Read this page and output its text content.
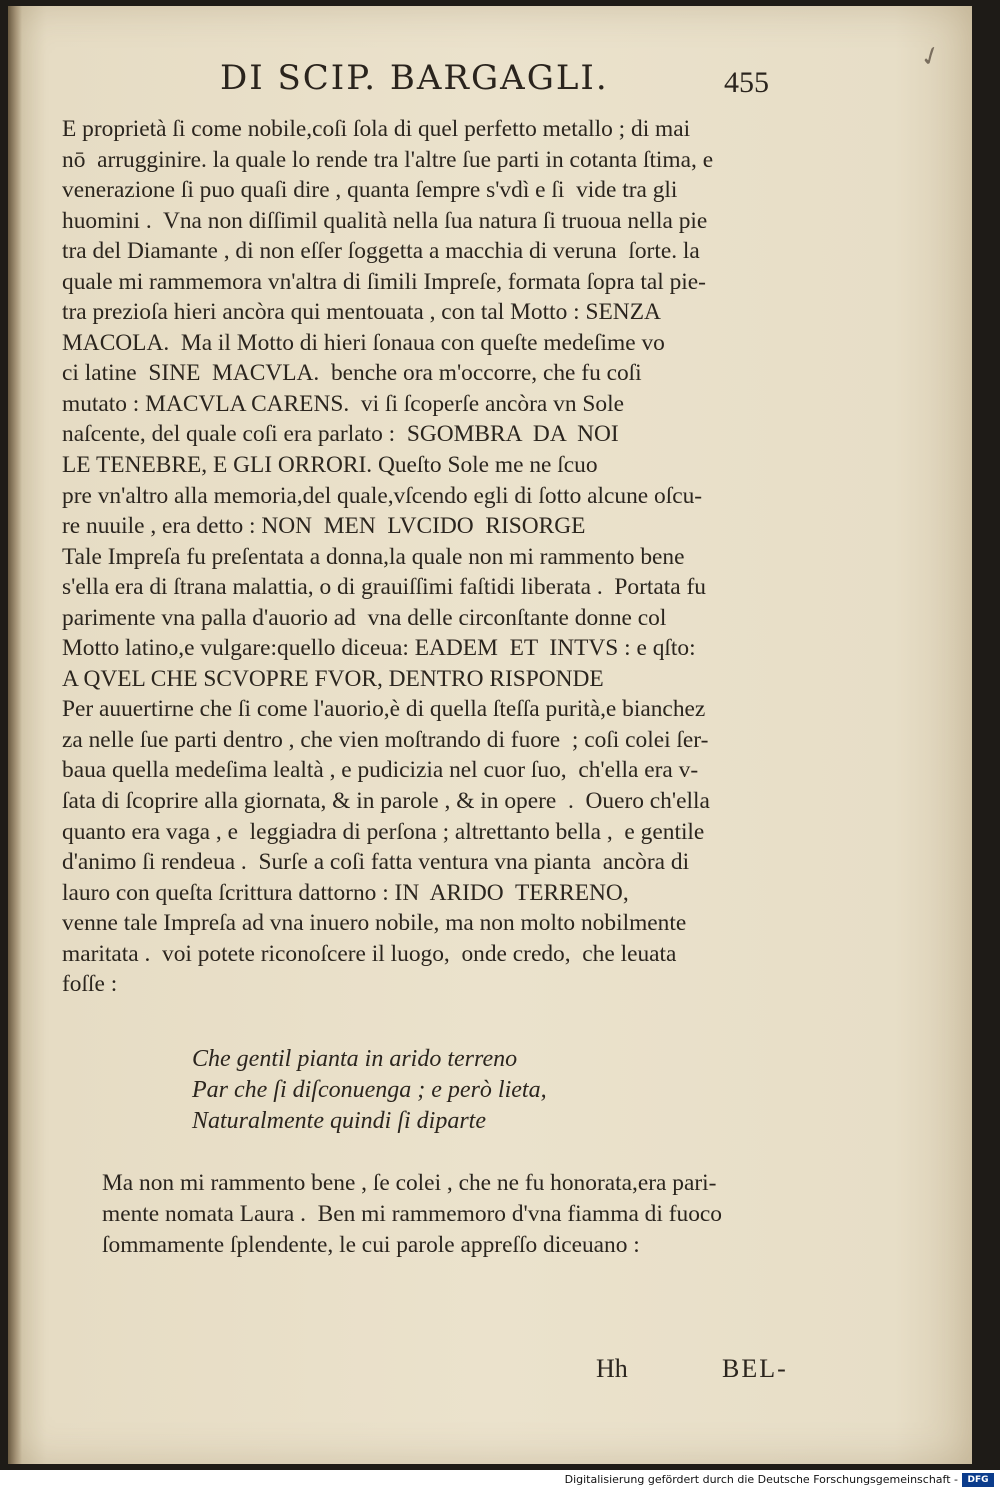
✓
DI SCIP. BARGAGLI.	455

E proprietà ſi come nobile,coſi ſola di quel perfetto metallo ; di mai
nō  arrugginire. la quale lo rende tra l'altre ſue parti in cotanta ſtima, e
venerazione ſi puo quaſi dire , quanta ſempre s'vdì e ſi  vide tra gli
huomini .  Vna non diſſimil qualità nella ſua natura ſi truoua nella pie
tra del Diamante , di non eſſer ſoggetta a macchia di veruna  ſorte. la
quale mi rammemora vn'altra di ſimili Impreſe, formata ſopra tal pie-
tra prezioſa hieri ancòra qui mentouata , con tal Motto : SENZA
MACOLA.  Ma il Motto di hieri ſonaua con queſte medeſime vo
ci latine  SINE  MACVLA.  benche ora m'occorre, che fu coſi
mutato : MACVLA CARENS.  vi ſi ſcoperſe ancòra vn Sole
naſcente, del quale coſi era parlato :  SGOMBRA  DA  NOI
LE TENEBRE, E GLI ORRORI. Queſto Sole me ne ſcuo
pre vn'altro alla memoria,del quale,vſcendo egli di ſotto alcune oſcu-
re nuuile , era detto : NON  MEN  LVCIDO  RISORGE
Tale Impreſa fu preſentata a donna,la quale non mi rammento bene
s'ella era di ſtrana malattia, o di grauiſſimi faſtidi liberata .  Portata fu
parimente vna palla d'auorio ad  vna delle circonſtante donne col
Motto latino,e vulgare:quello diceua: EADEM  ET  INTVS : e qſto:
A QVEL CHE SCVOPRE FVOR, DENTRO RISPONDE
Per auuertirne che ſi come l'auorio,è di quella ſteſſa purità,e bianchez
za nelle ſue parti dentro , che vien moſtrando di fuore  ; coſi colei ſer-
baua quella medeſima lealtà , e pudicizia nel cuor ſuo,  ch'ella era v-
ſata di ſcoprire alla giornata, & in parole , & in opere  .  Ouero ch'ella
quanto era vaga , e  leggiadra di perſona ; altrettanto bella ,  e gentile
d'animo ſi rendeua .  Surſe a coſi fatta ventura vna pianta  ancòra di
lauro con queſta ſcrittura dattorno : IN  ARIDO  TERRENO,
venne tale Impreſa ad vna inuero nobile, ma non molto nobilmente
maritata .  voi potete riconoſcere il luogo,  onde credo,  che leuata
foſſe :

Che gentil pianta in arido terreno
Par che ſi diſconuenga ; e però lieta,
Naturalmente quindi ſi diparte

Ma non mi rammento bene , ſe colei , che ne fu honorata,era pari-
mente nomata Laura .  Ben mi rammemoro d'vna fiamma di fuoco
ſommamente ſplendente, le cui parole appreſſo diceuano :

Hh	BEL-
Digitalisierung gefördert durch die Deutsche Forschungsgemeinschaft -	DFG
